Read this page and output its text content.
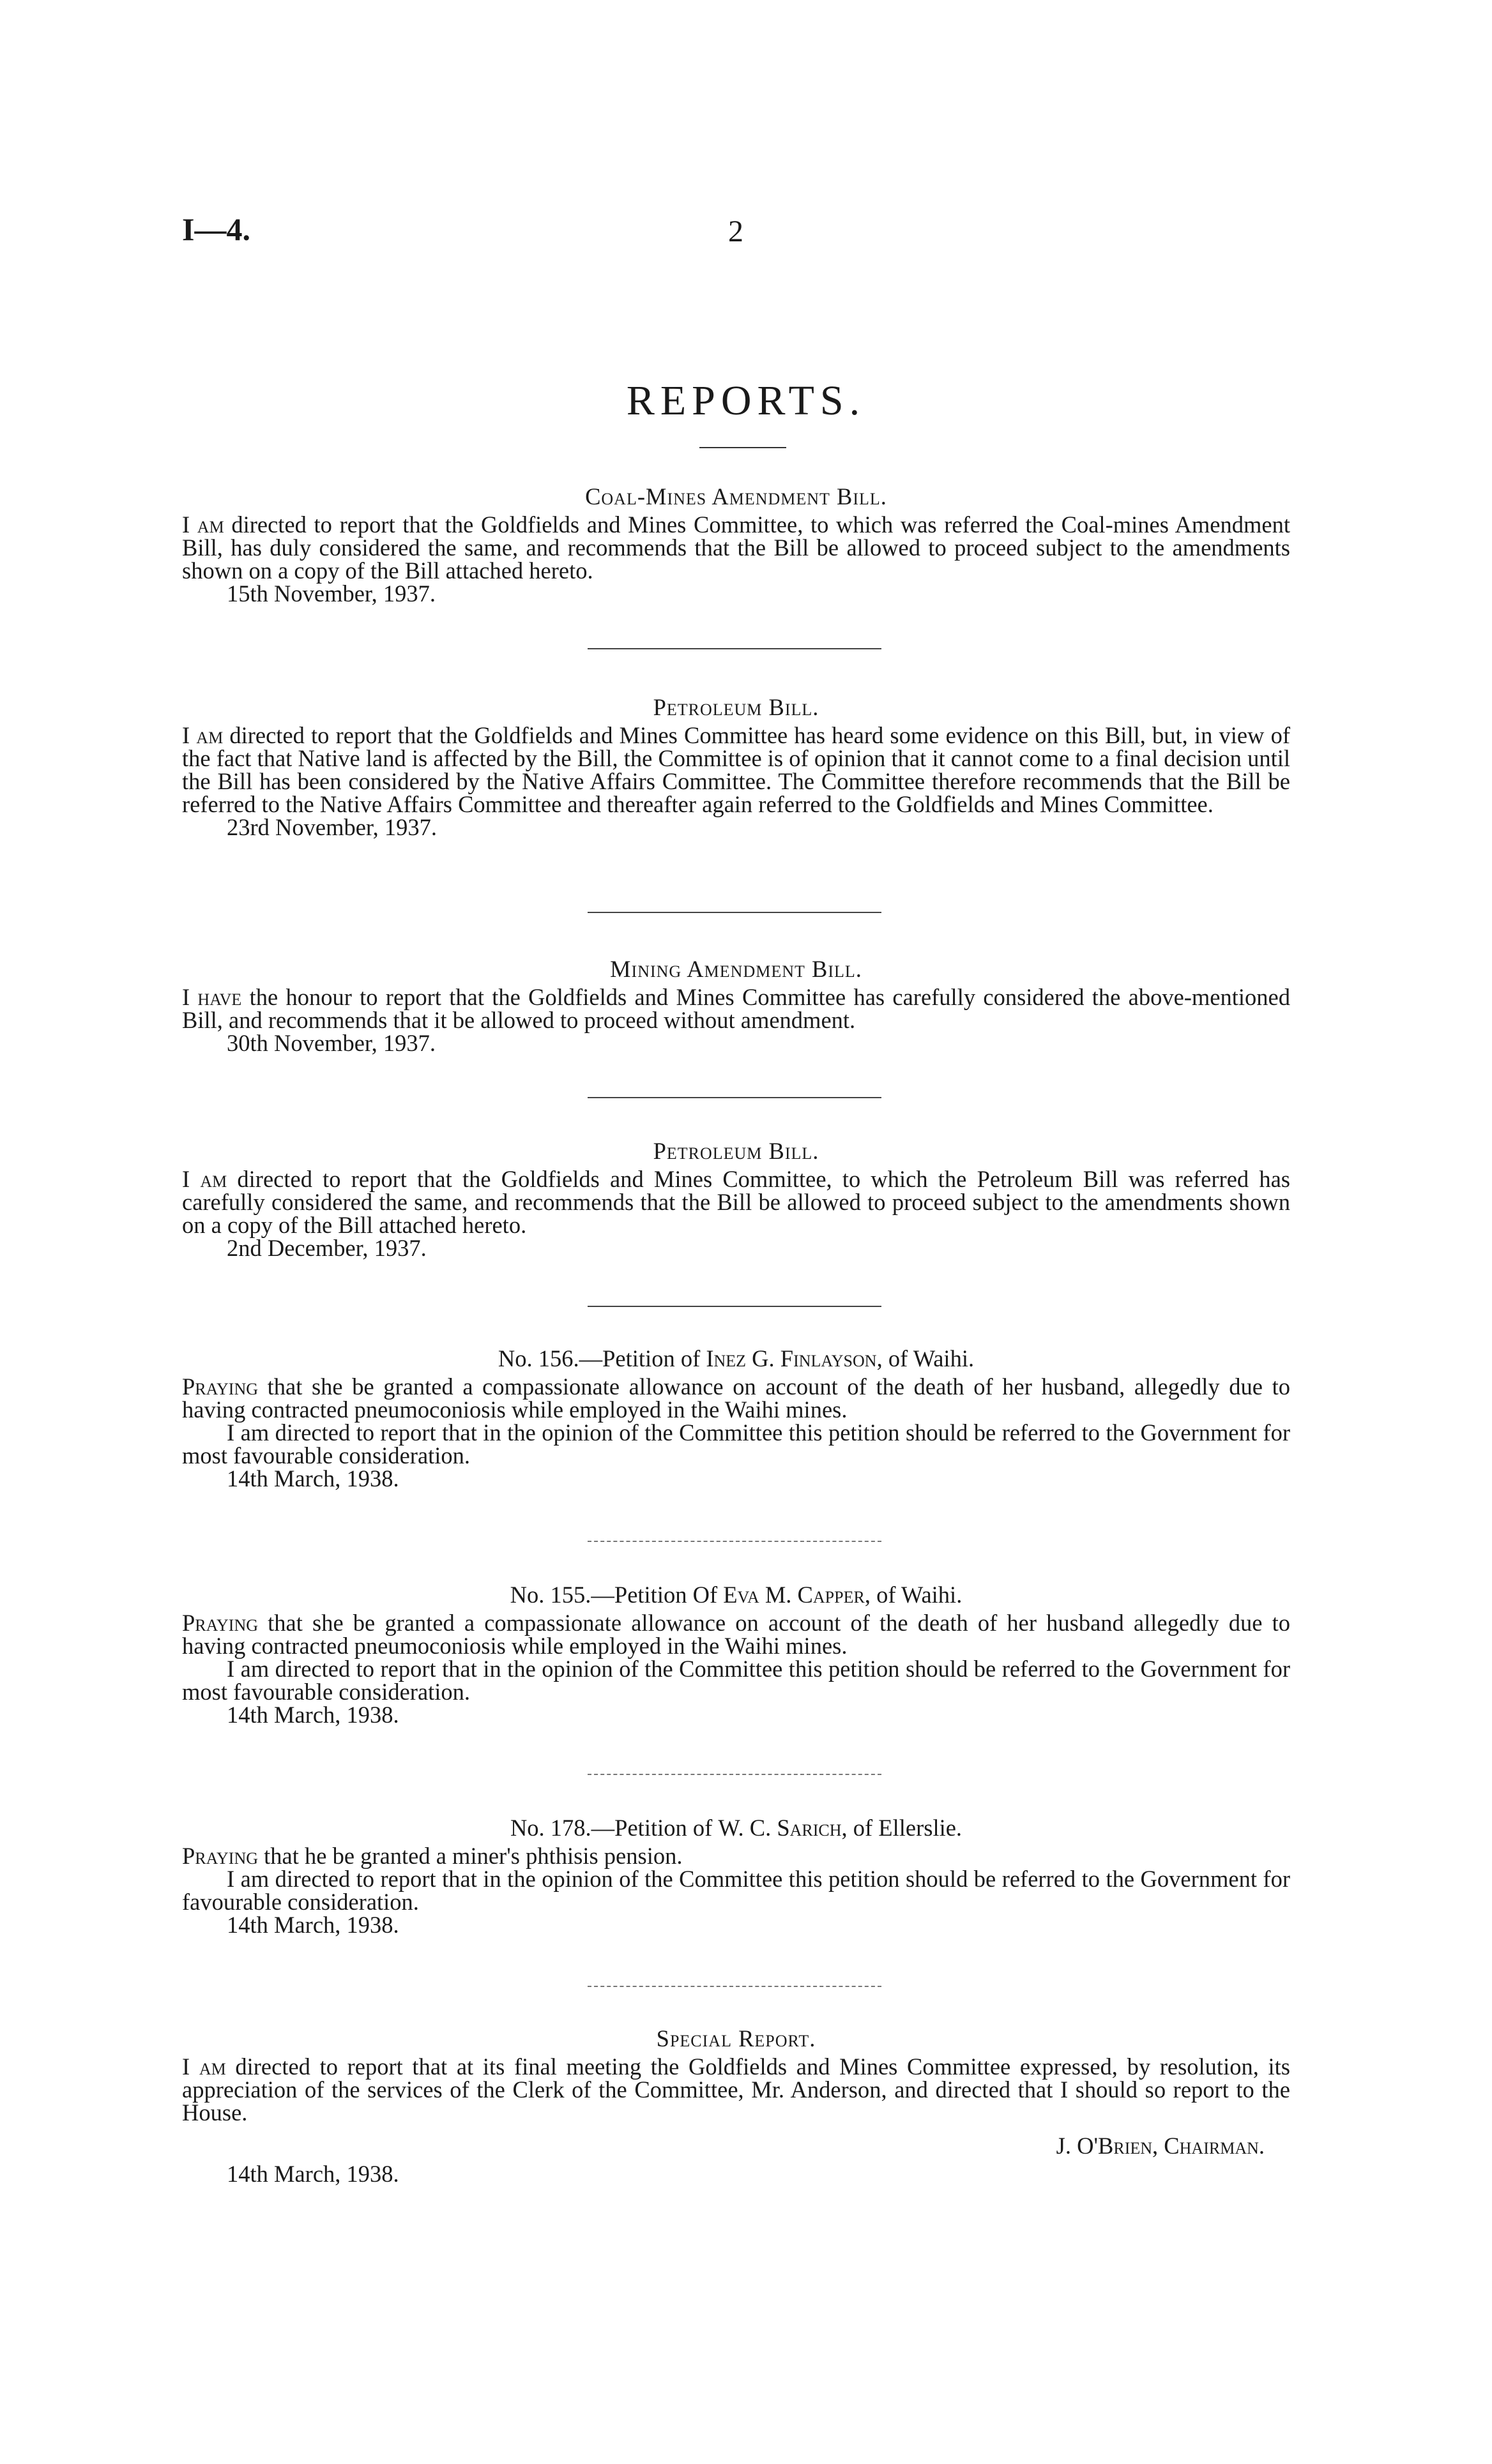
I—4.	2
REPORTS.
Coal-Mines Amendment Bill.
I am directed to report that the Goldfields and Mines Committee, to which was referred the Coal-mines Amendment Bill, has duly considered the same, and recommends that the Bill be allowed to proceed subject to the amendments shown on a copy of the Bill attached hereto.
15th November, 1937.
Petroleum Bill.
I am directed to report that the Goldfields and Mines Committee has heard some evidence on this Bill, but, in view of the fact that Native land is affected by the Bill, the Committee is of opinion that it cannot come to a final decision until the Bill has been considered by the Native Affairs Committee. The Committee therefore recommends that the Bill be referred to the Native Affairs Committee and thereafter again referred to the Goldfields and Mines Committee.
23rd November, 1937.
Mining Amendment Bill.
I have the honour to report that the Goldfields and Mines Committee has carefully considered the above-mentioned Bill, and recommends that it be allowed to proceed without amendment.
30th November, 1937.
Petroleum Bill.
I am directed to report that the Goldfields and Mines Committee, to which the Petroleum Bill was referred has carefully considered the same, and recommends that the Bill be allowed to proceed subject to the amendments shown on a copy of the Bill attached hereto.
2nd December, 1937.
No. 156.—Petition of Inez G. Finlayson, of Waihi.
Praying that she be granted a compassionate allowance on account of the death of her husband, allegedly due to having contracted pneumoconiosis while employed in the Waihi mines.
I am directed to report that in the opinion of the Committee this petition should be referred to the Government for most favourable consideration.
14th March, 1938.
No. 155.—Petition Of Eva M. Capper, of Waihi.
Praying that she be granted a compassionate allowance on account of the death of her husband allegedly due to having contracted pneumoconiosis while employed in the Waihi mines.
I am directed to report that in the opinion of the Committee this petition should be referred to the Government for most favourable consideration.
14th March, 1938.
No. 178.—Petition of W. C. Sarich, of Ellerslie.
Praying that he be granted a miner's phthisis pension.
I am directed to report that in the opinion of the Committee this petition should be referred to the Government for favourable consideration.
14th March, 1938.
Special Report.
I am directed to report that at its final meeting the Goldfields and Mines Committee expressed, by resolution, its appreciation of the services of the Clerk of the Committee, Mr. Anderson, and directed that I should so report to the House.
J. O'Brien, Chairman.
14th March, 1938.
